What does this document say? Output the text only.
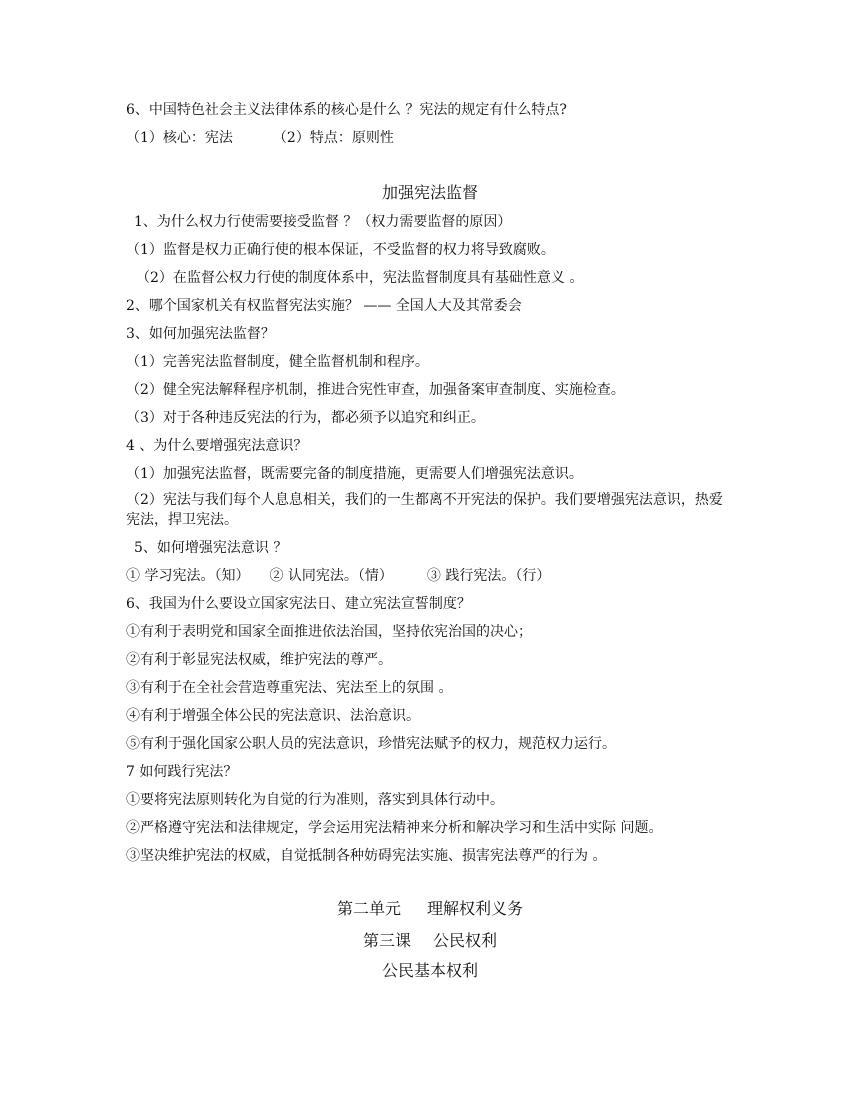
6、中国特色社会主义法律体系的核心是什么 ？宪法的规定有什么特点?
（1）核心：宪法	（2）特点：原则性
加强宪法监督
1、为什么权力行使需要接受监督 ？（权力需要监督的原因）
（1）监督是权力正确行使的根本保证，不受监督的权力将导致腐败。
（2）在监督公权力行使的制度体系中，宪法监督制度具有基础性意义 。
2、哪个国家机关有权监督宪法实施？ —— 全国人大及其常委会
3、如何加强宪法监督？
（1）完善宪法监督制度，健全监督机制和程序。
（2）健全宪法解释程序机制，推进合宪性审查，加强备案审查制度、实施检查。
（3）对于各种违反宪法的行为，都必须予以追究和纠正。
4 、为什么要增强宪法意识？
（1）加强宪法监督，既需要完备的制度措施，更需要人们增强宪法意识。
（2）宪法与我们每个人息息相关，我们的一生都离不开宪法的保护。我们要增强宪法意识，热爱宪法，捍卫宪法。
5、如何增强宪法意识 ？
① 学习宪法。（知） ② 认同宪法。（情） ③ 践行宪法。（行）
6、我国为什么要设立国家宪法日、建立宪法宣誓制度？
①有利于表明党和国家全面推进依法治国，坚持依宪治国的决心；
②有利于彰显宪法权威，维护宪法的尊严。
③有利于在全社会营造尊重宪法、宪法至上的氛围 。
④有利于增强全体公民的宪法意识、法治意识。
⑤有利于强化国家公职人员的宪法意识，珍惜宪法赋予的权力，规范权力运行。
7 如何践行宪法？
①要将宪法原则转化为自觉的行为准则，落实到具体行动中。
②严格遵守宪法和法律规定，学会运用宪法精神来分析和解决学习和生活中实际 问题。
③坚决维护宪法的权威，自觉抵制各种妨碍宪法实施、损害宪法尊严的行为 。
第二单元 理解权利义务
第三课 公民权利
公民基本权利
